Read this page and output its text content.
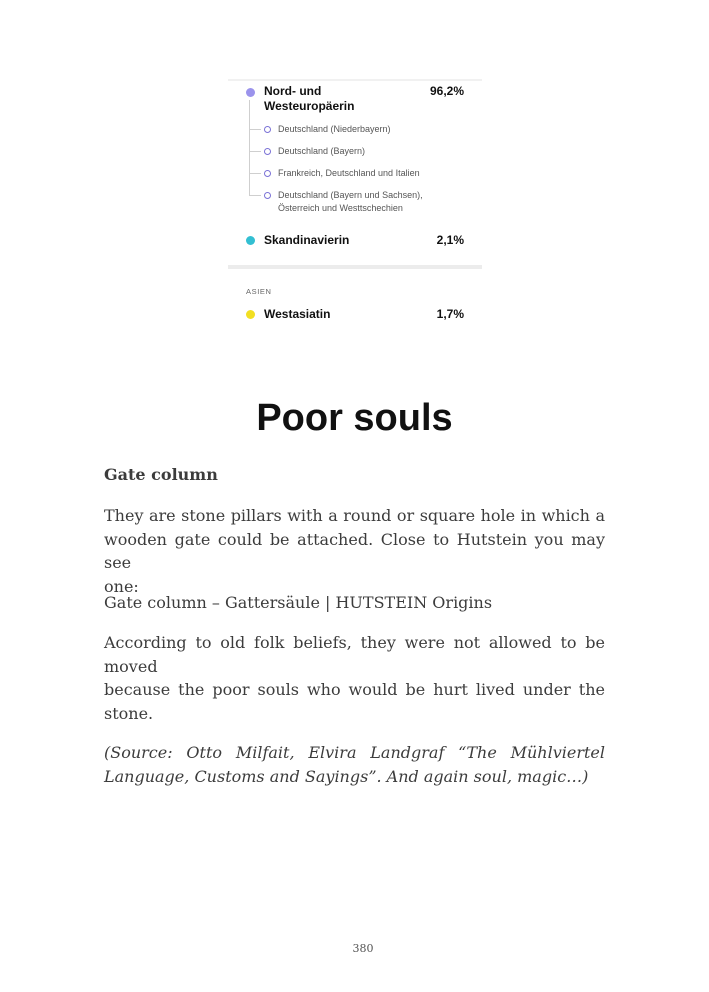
Nord- und
Westeuropäerin
96,2%
Deutschland (Niederbayern)
Deutschland (Bayern)
Frankreich, Deutschland und Italien
Deutschland (Bayern und Sachsen),
Österreich und Westtschechien
Skandinavierin	2,1%
ASIEN
Westasiatin	1,7%
Poor souls
Gate column
They are stone pillars with a round or square hole in which a
wooden gate could be attached. Close to Hutstein you may see
one:
Gate column – Gattersäule | HUTSTEIN Origins
According to old folk beliefs, they were not allowed to be
moved
because the poor souls who would be hurt lived under the
stone.
(Source: Otto Milfait, Elvira Landgraf “The Mühlviertel
Language, Customs and Sayings”. And again soul, magic…)
380
